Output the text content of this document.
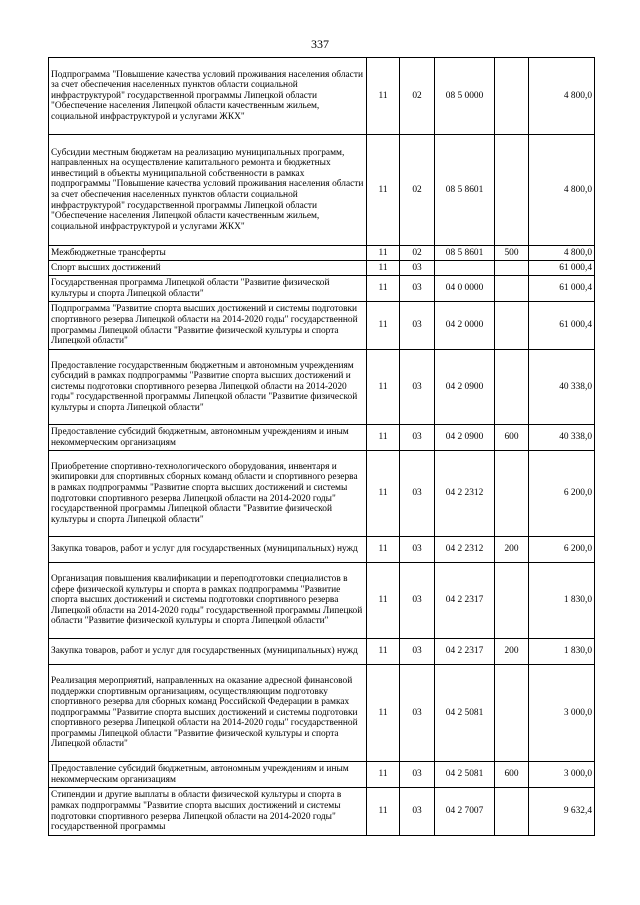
337
Подпрограмма "Повышение качества условий проживания населения области за счет обеспечения населенных пунктов области социальной инфраструктурой" государственной программы Липецкой области "Обеспечение населения Липецкой области качественным жильем, социальной инфраструктурой и услугами ЖКХ"	11	02	08 5 0000		4 800,0
Субсидии местным бюджетам на реализацию муниципальных программ, направленных на осуществление капитального ремонта и бюджетных инвестиций в объекты муниципальной собственности в рамках подпрограммы "Повышение качества условий проживания населения области за счет обеспечения населенных пунктов области социальной инфраструктурой" государственной программы Липецкой области "Обеспечение населения Липецкой области качественным жильем, социальной инфраструктурой и услугами ЖКХ"	11	02	08 5 8601		4 800,0
Межбюджетные трансферты	11	02	08 5 8601	500	4 800,0
Спорт высших достижений	11	03			61 000,4
Государственная программа Липецкой области "Развитие физической культуры и спорта Липецкой области"	11	03	04 0 0000		61 000,4
Подпрограмма "Развитие спорта высших достижений и системы подготовки спортивного резерва Липецкой области на 2014-2020 годы" государственной программы Липецкой области "Развитие физической культуры и спорта Липецкой области"	11	03	04 2 0000		61 000,4
Предоставление государственным бюджетным и автономным учреждениям субсидий в рамках подпрограммы "Развитие спорта высших достижений и системы подготовки спортивного резерва Липецкой области на 2014-2020 годы" государственной программы Липецкой области "Развитие физической культуры и спорта Липецкой области"	11	03	04 2 0900		40 338,0
Предоставление субсидий бюджетным, автономным учреждениям и иным некоммерческим организациям	11	03	04 2 0900	600	40 338,0
Приобретение спортивно-технологического оборудования, инвентаря и экипировки для спортивных сборных команд области и спортивного резерва в рамках подпрограммы "Развитие спорта высших достижений и системы подготовки спортивного резерва Липецкой области на 2014-2020 годы" государственной программы Липецкой области "Развитие физической культуры и спорта Липецкой области"	11	03	04 2 2312		6 200,0
Закупка товаров, работ и услуг для государственных (муниципальных) нужд	11	03	04 2 2312	200	6 200,0
Организация повышения квалификации и переподготовки специалистов в сфере физической культуры и спорта в рамках подпрограммы "Развитие спорта высших достижений и системы подготовки спортивного резерва Липецкой области на 2014-2020 годы" государственной программы Липецкой области "Развитие физической культуры и спорта Липецкой области"	11	03	04 2 2317		1 830,0
Закупка товаров, работ и услуг для государственных (муниципальных) нужд	11	03	04 2 2317	200	1 830,0
Реализация мероприятий, направленных на оказание адресной финансовой поддержки спортивным организациям, осуществляющим подготовку спортивного резерва для сборных команд Российской Федерации в рамках подпрограммы "Развитие спорта высших достижений и системы подготовки спортивного резерва Липецкой области на 2014-2020 годы" государственной программы Липецкой области "Развитие физической культуры и спорта Липецкой области"	11	03	04 2 5081		3 000,0
Предоставление субсидий бюджетным, автономным учреждениям и иным некоммерческим организациям	11	03	04 2 5081	600	3 000,0
Стипендии и другие выплаты в области физической культуры и спорта в рамках подпрограммы "Развитие спорта высших достижений и системы подготовки спортивного резерва Липецкой области на 2014-2020 годы" государственной программы	11	03	04 2 7007		9 632,4
